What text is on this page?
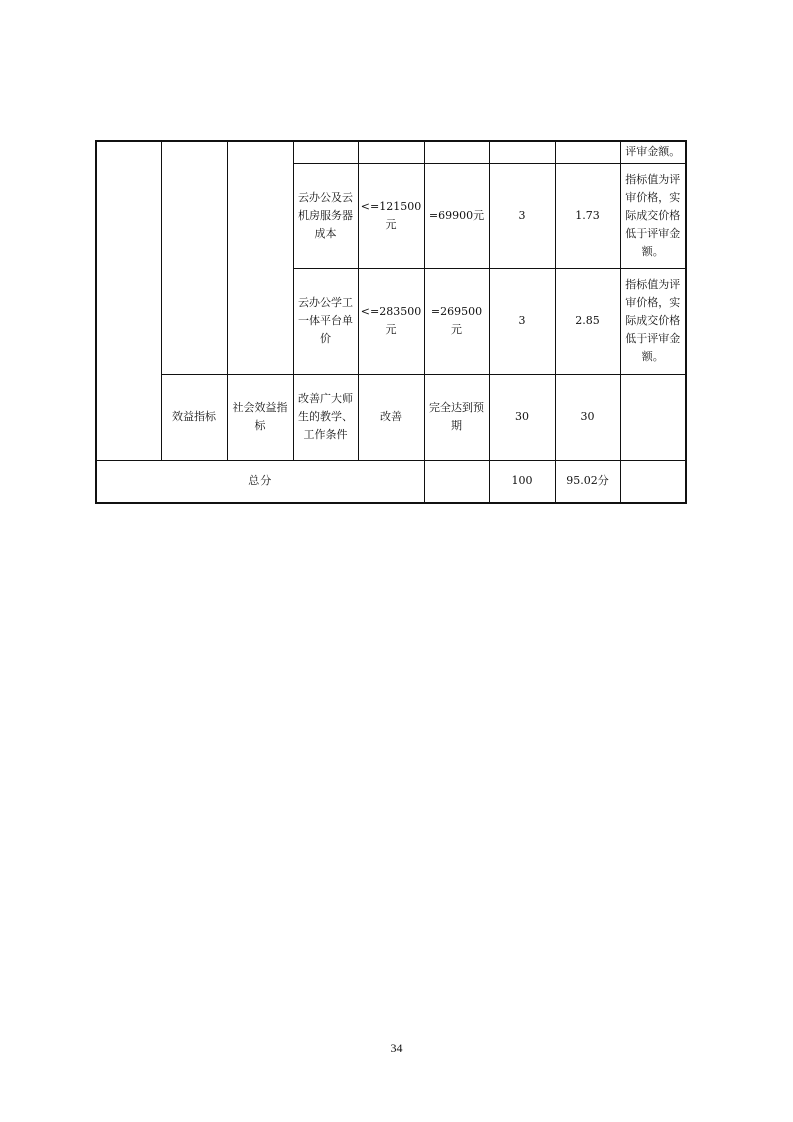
								评审金额。
			云办公及云机房服务器成本	<=121500元	=69900元	3	1.73	指标值为评审价格，实际成交价格低于评审金额。
			云办公学工一体平台单价	<=283500元	=269500元	3	2.85	指标值为评审价格，实际成交价格低于评审金额。
	效益指标	社会效益指标	改善广大师生的教学、工作条件	改善	完全达到预期	30	30	
总分						100	95.02分	
34
